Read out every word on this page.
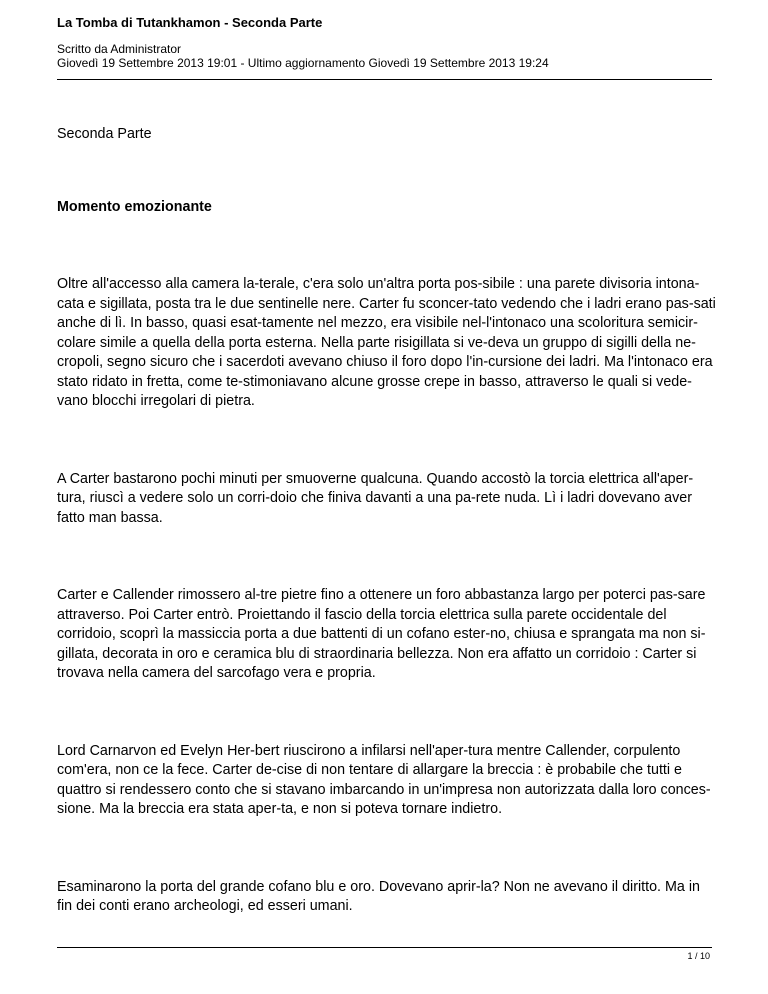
La Tomba di Tutankhamon - Seconda Parte
Scritto da Administrator
Giovedì 19 Settembre 2013 19:01 - Ultimo aggiornamento Giovedì 19 Settembre 2013 19:24

Seconda Parte

Momento emozionante

Oltre all'accesso alla camera la-terale, c'era solo un'altra porta pos-sibile : una parete divisoria intona-cata e sigillata, posta tra le due sentinelle nere. Carter fu sconcer-tato vedendo che i ladri erano pas-sati anche di lì. In basso, quasi esat-tamente nel mezzo, era visibile nel-l'intonaco una scoloritura semicir-colare simile a quella della porta esterna. Nella parte risigillata si ve-deva un gruppo di sigilli della ne-cropoli, segno sicuro che i sacerdoti avevano chiuso il foro dopo l'in-cursione dei ladri. Ma l'intonaco era stato ridato in fretta, come te-stimoniavano alcune grosse crepe in basso, attraverso le quali si vede-vano blocchi irregolari di pietra.

A Carter bastarono pochi minuti per smuoverne qualcuna. Quando accostò la torcia elettrica all'aper-tura, riuscì a vedere solo un corri-doio che finiva davanti a una pa-rete nuda. Lì i ladri dovevano aver fatto man bassa.

Carter e Callender rimossero al-tre pietre fino a ottenere un foro abbastanza largo per poterci pas-sare attraverso. Poi Carter entrò. Proiettando il fascio della torcia elettrica sulla parete occidentale del corridoio, scoprì la massiccia porta a due battenti di un cofano ester-no, chiusa e sprangata ma non si-gillata, decorata in oro e ceramica blu di straordinaria bellezza. Non era affatto un corridoio : Carter si trovava nella camera del sarcofago vera e propria.

Lord Carnarvon ed Evelyn Her-bert riuscirono a infilarsi nell'aper-tura mentre Callender, corpulento com'era, non ce la fece. Carter de-cise di non tentare di allargare la breccia : è probabile che tutti e quattro si rendessero conto che si stavano imbarcando in un'impresa non autorizzata dalla loro conces-sione. Ma la breccia era stata aper-ta, e non si poteva tornare indietro.

Esaminarono la porta del grande cofano blu e oro. Dovevano aprir-la? Non ne avevano il diritto. Ma in fin dei conti erano archeologi, ed esseri umani.

1 / 10
